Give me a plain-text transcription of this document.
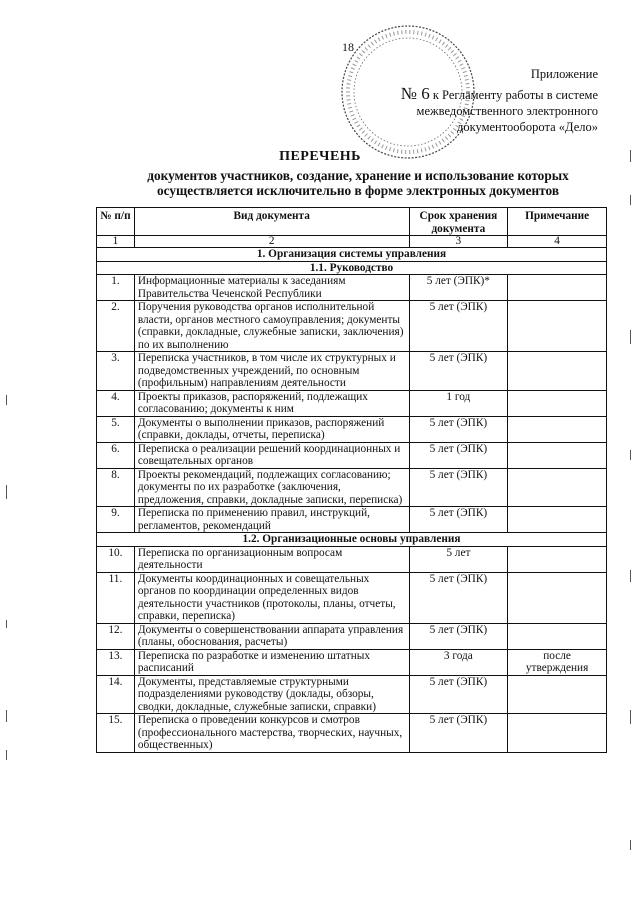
18
Приложение
№ 6 к Регламенту работы в системе
межведомственного электронного
документооборота «Дело»
ПЕРЕЧЕНЬ
документов участников, создание, хранение и использование которых осуществляется исключительно в форме электронных документов
№ п/п	Вид документа	Срок хранения документа	Примечание
1	2	3	4
1. Организация системы управления			
1.1. Руководство			
1.	Информационные материалы к заседаниям Правительства Чеченской Республики	5 лет (ЭПК)*	
2.	Поручения руководства органов исполнительной власти, органов местного самоуправления; документы (справки, докладные, служебные записки, заключения) по их выполнению	5 лет (ЭПК)	
3.	Переписка участников, в том числе их структурных и подведомственных учреждений, по основным (профильным) направлениям деятельности	5 лет (ЭПК)	
4.	Проекты приказов, распоряжений, подлежащих согласованию; документы к ним	1 год	
5.	Документы о выполнении приказов, распоряжений (справки, доклады, отчеты, переписка)	5 лет (ЭПК)	
6.	Переписка о реализации решений координационных и совещательных органов	5 лет (ЭПК)	
8.	Проекты рекомендаций, подлежащих согласованию; документы по их разработке (заключения, предложения, справки, докладные записки, переписка)	5 лет (ЭПК)	
9.	Переписка по применению правил, инструкций, регламентов, рекомендаций	5 лет (ЭПК)	
1.2. Организационные основы управления			
10.	Переписка по организационным вопросам деятельности	5 лет	
11.	Документы координационных и совещательных органов по координации определенных видов деятельности участников (протоколы, планы, отчеты, справки, переписка)	5 лет (ЭПК)	
12.	Документы о совершенствовании аппарата управления (планы, обоснования, расчеты)	5 лет (ЭПК)	
13.	Переписка по разработке и изменению штатных расписаний	3 года	после утверждения
14.	Документы, представляемые структурными подразделениями руководству (доклады, обзоры, сводки, докладные, служебные записки, справки)	5 лет (ЭПК)	
15.	Переписка о проведении конкурсов и смотров (профессионального мастерства, творческих, научных, общественных)	5 лет (ЭПК)	
